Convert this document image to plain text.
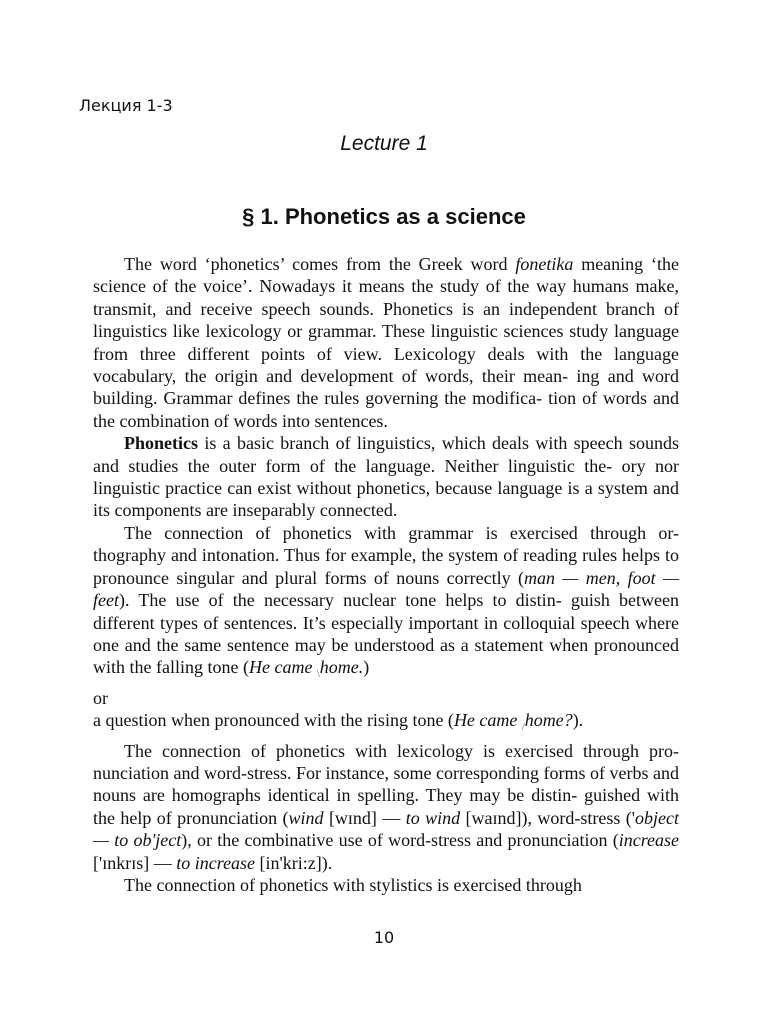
Лекция 1-3
Lecture 1
§ 1. Phonetics as a science

The word ‘phonetics’ comes from the Greek word fonetika meaning ‘the science of the voice’. Nowadays it means the study of the way humans make, transmit, and receive speech sounds. Phonetics is an independent branch of linguistics like lexicology or grammar. These linguistic sciences study language from three different points of view. Lexicology deals with the language vocabulary, the origin and development of words, their mean- ing and word building. Grammar defines the rules governing the modifica- tion of words and the combination of words into sentences.

Phonetics is a basic branch of linguistics, which deals with speech sounds and studies the outer form of the language. Neither linguistic the- ory nor linguistic practice can exist without phonetics, because language is a system and its components are inseparably connected.

The connection of phonetics with grammar is exercised through or- thography and intonation. Thus for example, the system of reading rules helps to pronounce singular and plural forms of nouns correctly (man — men, foot — feet). The use of the necessary nuclear tone helps to distin- guish between different types of sentences. It’s especially important in colloquial speech where one and the same sentence may be understood as a statement when pronounced with the falling tone (He came $_\backslash$home.)

or

a question when pronounced with the rising tone (He came $_/$home?).

The connection of phonetics with lexicology is exercised through pro- nunciation and word-stress. For instance, some corresponding forms of verbs and nouns are homographs identical in spelling. They may be distin- guished with the help of pronunciation (wind [wɪnd] — to wind [waɪnd]), word-stress ('object — to ob'ject), or the combinative use of word-stress and pronunciation (increase ['ɪnkrɪs] — to increase [in'kri:z]).

The connection of phonetics with stylistics is exercised through

10
